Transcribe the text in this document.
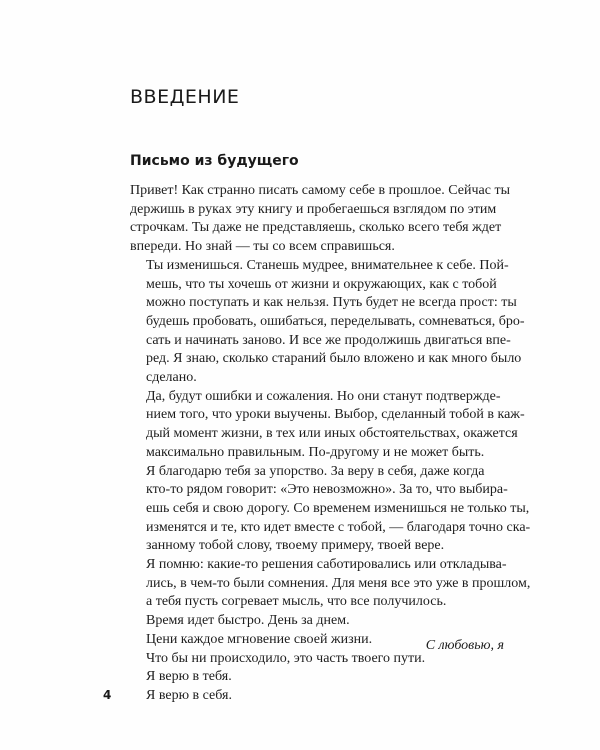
ВВЕДЕНИЕ
Письмо из будущего

Привет! Как странно писать самому себе в прошлое. Сейчас ты
держишь в руках эту книгу и пробегаешься взглядом по этим
строчкам. Ты даже не представляешь, сколько всего тебя ждет
впереди. Но знай — ты со всем справишься.

Ты изменишься. Станешь мудрее, внимательнее к себе. Пой-
мешь, что ты хочешь от жизни и окружающих, как с тобой
можно поступать и как нельзя. Путь будет не всегда прост: ты
будешь пробовать, ошибаться, переделывать, сомневаться, бро-
сать и начинать заново. И все же продолжишь двигаться впе-
ред. Я знаю, сколько стараний было вложено и как много было
сделано.

Да, будут ошибки и сожаления. Но они станут подтвержде-
нием того, что уроки выучены. Выбор, сделанный тобой в каж-
дый момент жизни, в тех или иных обстоятельствах, окажется
максимально правильным. По-другому и не может быть.

Я благодарю тебя за упорство. За веру в себя, даже когда
кто-то рядом говорит: «Это невозможно». За то, что выбира-
ешь себя и свою дорогу. Со временем изменишься не только ты,
изменятся и те, кто идет вместе с тобой, — благодаря точно ска-
занному тобой слову, твоему примеру, твоей вере.

Я помню: какие-то решения саботировались или откладыва-
лись, в чем-то были сомнения. Для меня все это уже в прошлом,
а тебя пусть согревает мысль, что все получилось.

Время идет быстро. День за днем.

Цени каждое мгновение своей жизни.

Что бы ни происходило, это часть твоего пути.

Я верю в тебя.

Я верю в себя.

С любовью, я
4
